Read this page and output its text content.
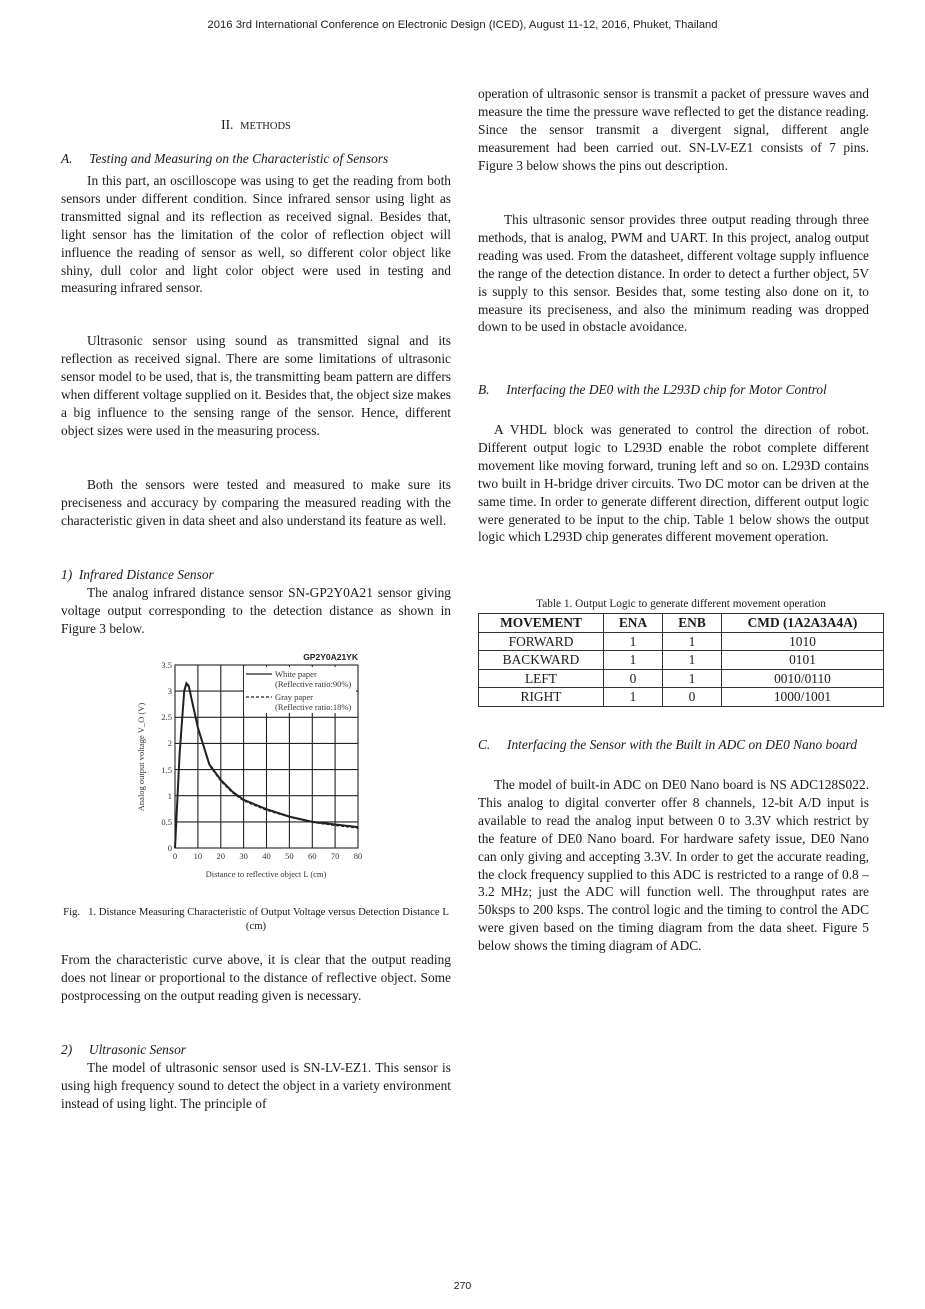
2016 3rd International Conference on Electronic Design (ICED), August 11-12, 2016, Phuket, Thailand
II. METHODS
A.  Testing and Measuring on the Characteristic of Sensors

In this part, an oscilloscope was using to get the reading from both sensors under different condition. Since infrared sensor using light as transmitted signal and its reflection as received signal. Besides that, light sensor has the limitation of the color of reflection object will influence the reading of sensor as well, so different color object like shiny, dull color and light color object were used in testing and measuring infrared sensor.

Ultrasonic sensor using sound as transmitted signal and its reflection as received signal. There are some limitations of ultrasonic sensor model to be used, that is, the transmitting beam pattern are differs when different voltage supplied on it. Besides that, the object size makes a big influence to the sensing range of the sensor. Hence, different object sizes were used in the measuring process.

Both the sensors were tested and measured to make sure its preciseness and accuracy by comparing the measured reading with the characteristic given in data sheet and also understand its feature as well.

1) Infrared Distance Sensor

The analog infrared distance sensor SN-GP2Y0A21 sensor giving voltage output corresponding to the detection distance as shown in Figure 3 below.

White paper
(Reflective ratio:90%)
Gray paper
(Reflective ratio:18%)
GP2Y0A21YK
3.5
3
2.5
2
1.5
1
0.5
0
0 10 20 30 40 50 60 70 80
Distance to reflective object L (cm)
Analog output voltage V_O (V)
Fig.  1. Distance Measuring Characteristic of Output Voltage versus Detection Distance L (cm)

From the characteristic curve above, it is clear that the output reading does not linear or proportional to the distance of reflective object. Some postprocessing on the output reading given is necessary.

2)  Ultrasonic Sensor

The model of ultrasonic sensor used is SN-LV-EZ1. This sensor is using high frequency sound to detect the object in a variety environment instead of using light. The principle of

operation of ultrasonic sensor is transmit a packet of pressure waves and measure the time the pressure wave reflected to get the distance reading. Since the sensor transmit a divergent signal, different angle measurement had been carried out. SN-LV-EZ1 consists of 7 pins. Figure 3 below shows the pins out description.

This ultrasonic sensor provides three output reading through three methods, that is analog, PWM and UART. In this project, analog output reading was used. From the datasheet, different voltage supply influence the range of the detection distance. In order to detect a further object, 5V is supply to this sensor. Besides that, some testing also done on it, to measure its preciseness, and also the minimum reading was dropped down to be used in obstacle avoidance.

B.  Interfacing the DE0 with the L293D chip for Motor Control

A VHDL block was generated to control the direction of robot. Different output logic to L293D enable the robot complete different movement like moving forward, truning left and so on. L293D contains two built in H-bridge driver circuits. Two DC motor can be driven at the same time. In order to generate different direction, different output logic were generated to be input to the chip. Table 1 below shows the output logic which L293D chip generates different movement operation.

Table 1. Output Logic to generate different movement operation
MOVEMENT	ENA	ENB	CMD (1A2A3A4A)
FORWARD	1	1	1010
BACKWARD	1	1	0101
LEFT	0	1	0010/0110
RIGHT	1	0	1000/1001
C.  Interfacing the Sensor with the Built in ADC on DE0 Nano board

The model of built-in ADC on DE0 Nano board is NS ADC128S022. This analog to digital converter offer 8 channels, 12-bit A/D input is available to read the analog input between 0 to 3.3V which restrict by the feature of DE0 Nano board. For hardware safety issue, DE0 Nano can only giving and accepting 3.3V. In order to get the accurate reading, the clock frequency supplied to this ADC is restricted to a range of 0.8 – 3.2 MHz; just the ADC will function well. The throughput rates are 50ksps to 200 ksps. The control logic and the timing to control the ADC were given based on the timing diagram from the data sheet. Figure 5 below shows the timing diagram of ADC.

270
